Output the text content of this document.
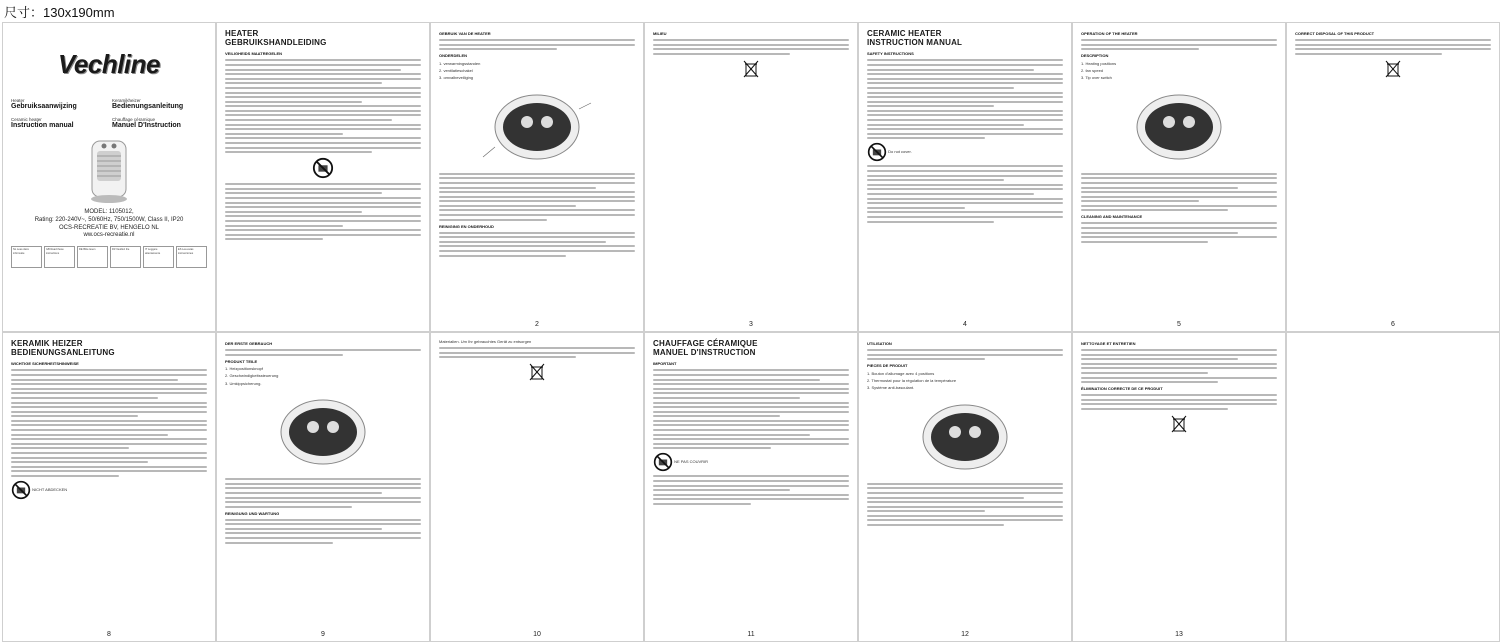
尺寸：130x190mm
Vechline
Heater
Gebruiksaanwijzing
Keramikheizer
Bedienungsanleitung
Ceramic heater
Instruction manual
Chauffage céramique
Manuel D'Instruction
MODEL: 1105012,
Rating: 220-240V~, 50/60Hz, 750/1500W, Class II, IP20
OCS-RECREATIE BV, HENGELO NL
ww.ocs-recreatie.nl
NL Lees deze informatie
GB Read these instructions
DE Bitte lesen	FR Veuillez lire	IT Leggere attentamente
ES Lea estas instrucciones
HEATER
GEBRUIKSHANDLEIDING
VEILIGHEIDS MAATREGELEN
GEBRUIK VAN DE HEATER
ONDERDELEN
1. verwarmingsstanden
2. ventilatieschakel
3. omvalbeveiliging
REINIGING EN ONDERHOUD
2
MILIEU
3
CERAMIC HEATER
INSTRUCTION MANUAL
SAFETY INSTRUCTIONS
Do not cover.
4
OPERATION OF THE HEATER
DESCRIPTION
1. Heating positions
2. fan speed
3. Tip over switch
CLEANING AND MAINTENANCE
5
CORRECT DISPOSAL OF THIS PRODUCT
6
KERAMIK HEIZER
BEDIENUNGSANLEITUNG
WICHTIGE SICHERHEITSHINWEISE
NICHT ABDECKEN
8
DER ERSTE GEBRAUCH
PRODUKT TEILE
1. Heizpositionsknopf
2. Geschwindigkeitssteuerung
3. Umkippsicherung.
REINIGUNG UND WARTUNG
9
Materialien. Um Ihr gebrauchtes Gerät zu entsorgen
10
CHAUFFAGE CÉRAMIQUE
MANUEL D'INSTRUCTION
IMPORTANT
NE PAS COUVRIR
11
UTILISATION
PIECES DE PRODUIT
1. Bouton d'allumage avec 4 positions
2. Thermostat pour la régulation de la température
3. Système anti-basculant.
12
NETTOYAGE ET ENTRETIEN
ÉLIMINATION CORRECTE DE CE PRODUIT
13
